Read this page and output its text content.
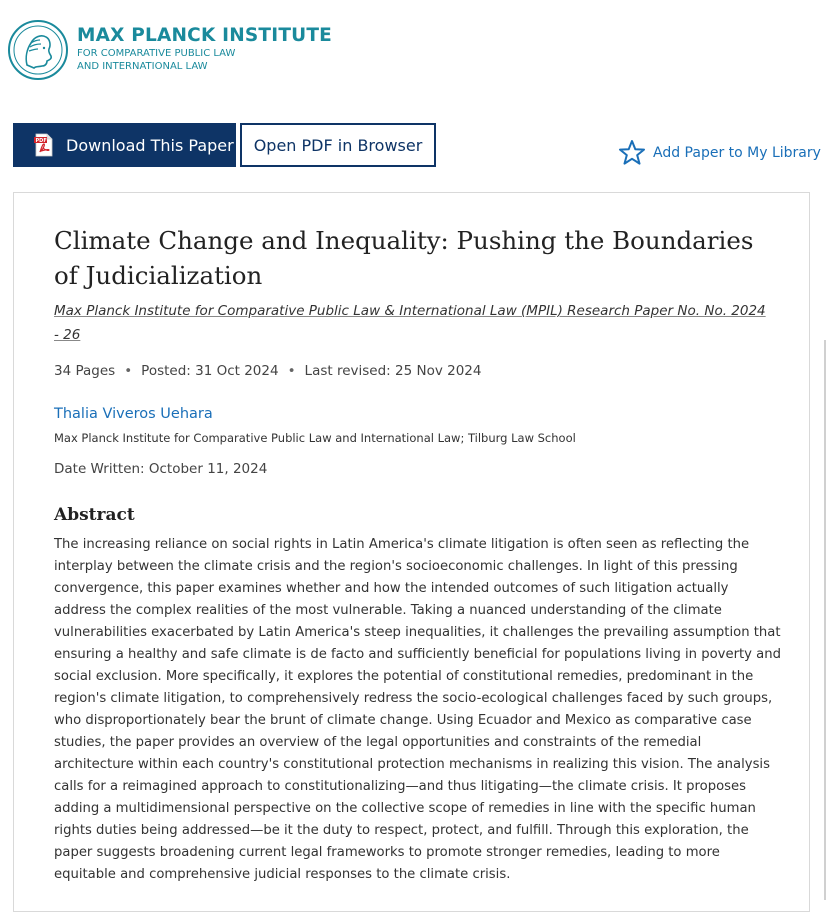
MAX PLANCK INSTITUTE
FOR COMPARATIVE PUBLIC LAW
AND INTERNATIONAL LAW
PDF Download This Paper Open PDF in Browser	Add Paper to My Library
Climate Change and Inequality: Pushing the Boundaries of Judicialization
Max Planck Institute for Comparative Public Law & International Law (MPIL) Research Paper No. No. 2024 - 26
34 Pages • Posted: 31 Oct 2024 • Last revised: 25 Nov 2024
Thalia Viveros Uehara
Max Planck Institute for Comparative Public Law and International Law; Tilburg Law School
Date Written: October 11, 2024
Abstract
The increasing reliance on social rights in Latin America's climate litigation is often seen as reflecting the interplay between the climate crisis and the region's socioeconomic challenges. In light of this pressing convergence, this paper examines whether and how the intended outcomes of such litigation actually address the complex realities of the most vulnerable. Taking a nuanced understanding of the climate vulnerabilities exacerbated by Latin America's steep inequalities, it challenges the prevailing assumption that ensuring a healthy and safe climate is de facto and sufficiently beneficial for populations living in poverty and social exclusion. More specifically, it explores the potential of constitutional remedies, predominant in the region's climate litigation, to comprehensively redress the socio-ecological challenges faced by such groups, who disproportionately bear the brunt of climate change. Using Ecuador and Mexico as comparative case studies, the paper provides an overview of the legal opportunities and constraints of the remedial architecture within each country's constitutional protection mechanisms in realizing this vision. The analysis calls for a reimagined approach to constitutionalizing—and thus litigating—the climate crisis. It proposes adding a multidimensional perspective on the collective scope of remedies in line with the specific human rights duties being addressed—be it the duty to respect, protect, and fulfill. Through this exploration, the paper suggests broadening current legal frameworks to promote stronger remedies, leading to more equitable and comprehensive judicial responses to the climate crisis.
